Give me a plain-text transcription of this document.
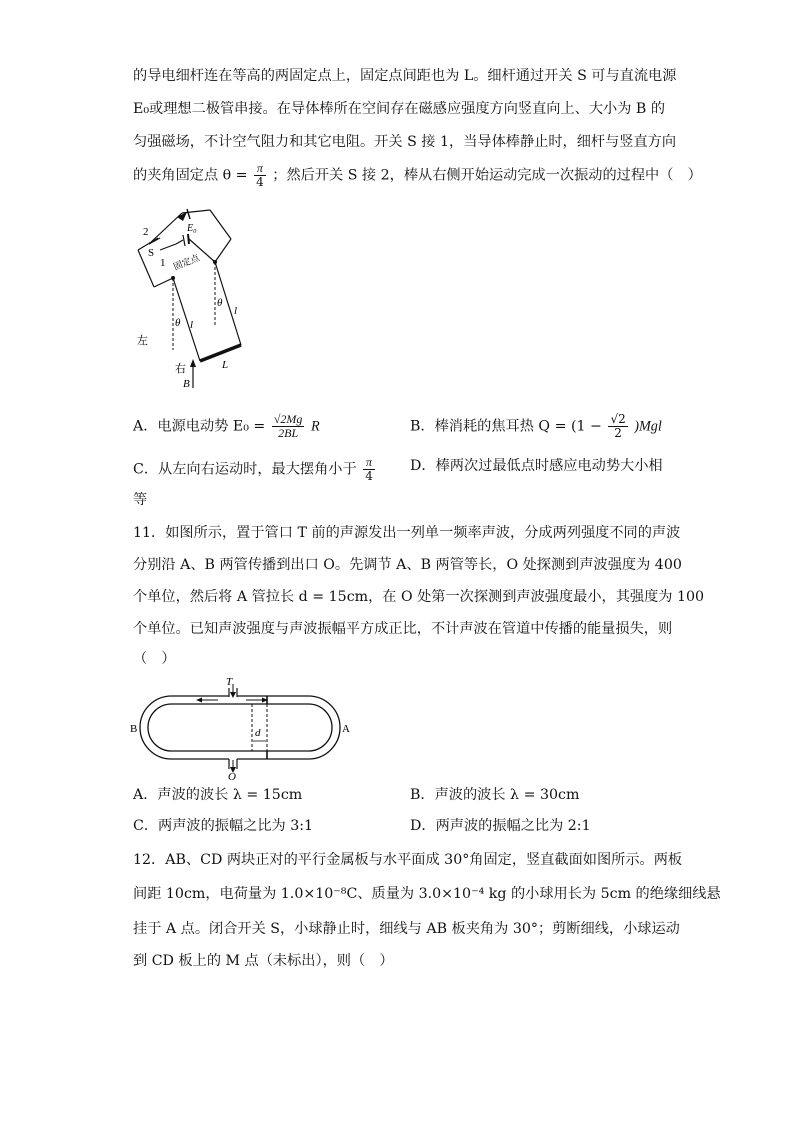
的导电细杆连在等高的两固定点上，固定点间距也为 L。细杆通过开关 S 可与直流电源
E₀或理想二极管串接。在导体棒所在空间存在磁感应强度方向竖直向上、大小为 B 的
匀强磁场，不计空气阻力和其它电阻。开关 S 接 1，当导体棒静止时，细杆与竖直方向
的夹角固定点 $\theta = \frac{\pi}{4}$ ；然后开关 S 接 2，棒从右侧开始运动完成一次振动的过程中（　）
2
S
1
E₀
固定点
θ
θ
l
l
L
左
右
B
A．电源电动势 $E_0 = \frac{√2Mg}{2BL}$ R	B．棒消耗的焦耳热 $Q = (1 - \frac{√2}{2} )Mgl$
C．从左向右运动时，最大摆角小于 $\frac{\pi}{4}$ D．棒两次过最低点时感应电动势大小相
等
11．如图所示，置于管口 T 前的声源发出一列单一频率声波，分成两列强度不同的声波
分别沿 A、B 两管传播到出口 O。先调节 A、B 两管等长，O 处探测到声波强度为 400
个单位，然后将 A 管拉长 d = 15cm，在 O 处第一次探测到声波强度最小，其强度为 100
个单位。已知声波强度与声波振幅平方成正比，不计声波在管道中传播的能量损失，则
（　）
T
B	A
d
O
A．声波的波长 λ = 15cm	B．声波的波长 λ = 30cm
C．两声波的振幅之比为 3:1	D．两声波的振幅之比为 2:1
12．AB、CD 两块正对的平行金属板与水平面成 30°角固定，竖直截面如图所示。两板
间距 10cm，电荷量为 1.0×10⁻⁸C、质量为 3.0×10⁻⁴ kg 的小球用长为 5cm 的绝缘细线悬
挂于 A 点。闭合开关 S，小球静止时，细线与 AB 板夹角为 30°；剪断细线，小球运动
到 CD 板上的 M 点（未标出），则（　）
